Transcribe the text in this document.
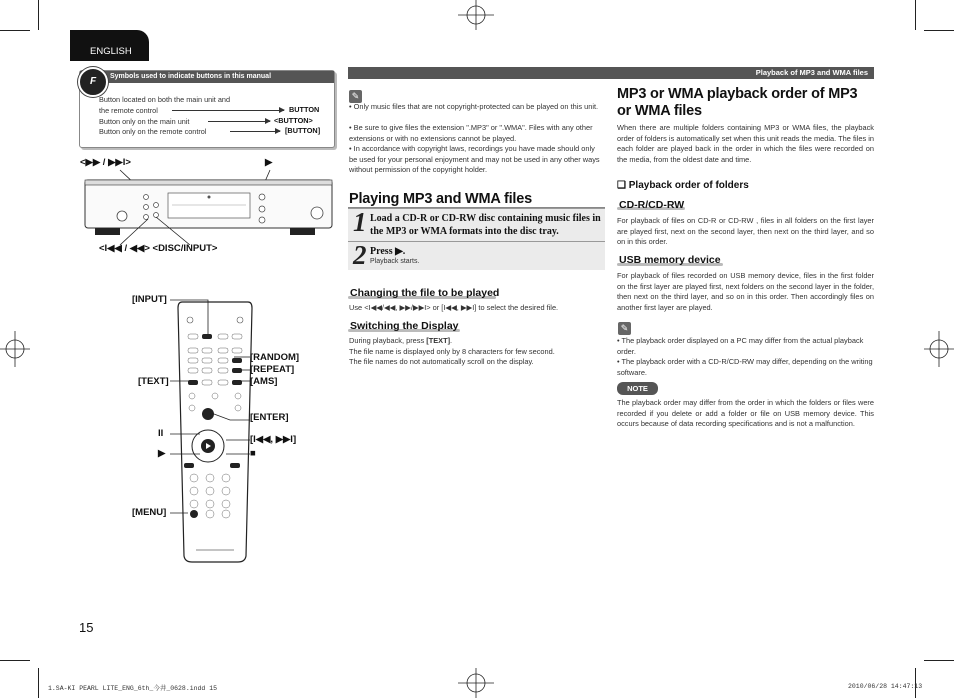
ENGLISH
Symbols used to indicate buttons in this manual
F
Button located on both the main unit and
the remote control	BUTTON
Button only on the main unit	<BUTTON>
Button only on the remote control	[BUTTON]
<▶▶ / ▶▶I>	▶
<I◀◀ / ◀◀> <DISC/INPUT>
[INPUT]
[RANDOM]
[REPEAT]
[AMS]
[TEXT]
[ENTER]
II
[I◀◀, ▶▶I]
▶	■
[MENU]
Playback of MP3 and WMA files
✎
• Only music files that are not copyright-protected can be played on this unit.
• Be sure to give files the extension ".MP3" or ".WMA". Files with any other extensions or with no extensions cannot be played.
• In accordance with copyright laws, recordings you have made should only be used for your personal enjoyment and may not be used in any other ways without permission of the copyright holder.
Playing MP3 and WMA files
1 Load a CD-R or CD-RW disc containing music files in the MP3 or WMA formats into the disc tray.
2 Press ▶.
Playback starts.
Changing the file to be played
Use <I◀◀/◀◀, ▶▶/▶▶I> or [I◀◀, ▶▶I] to select the desired file.
Switching the Display
During playback, press [TEXT].
The file name is displayed only by 8 characters for few second.
The file names do not automatically scroll on the display.
MP3 or WMA playback order of MP3 or WMA files
When there are multiple folders containing MP3 or WMA files, the playback order of folders is automatically set when this unit reads the media. The files in each folder are played back in the order in which the files were recorded on the media, from the oldest date and time.
❏ Playback order of folders
CD-R/CD-RW
For playback of files on CD-R or CD-RW , files in all folders on the first layer are played first, next on the second layer, then next on the third layer, and so on in this order.
USB memory device
For playback of files recorded on USB memory device, files in the first folder on the first layer are played first, next folders on the second layer in the folder, then next on the third layer, and so on in this order. Then accordingly files on another first layer are played.
✎
• The playback order displayed on a PC may differ from the actual playback order.
• The playback order with a CD-R/CD-RW may differ, depending on the writing software.
NOTE
The playback order may differ from the order in which the folders or files were recorded if you delete or add a folder or file on USB memory device. This occurs because of data recording specifications and is not a malfunction.
15
1.SA-KI PEARL LITE_ENG_6th_今井_0628.indd 15	2010/06/28 14:47:13
